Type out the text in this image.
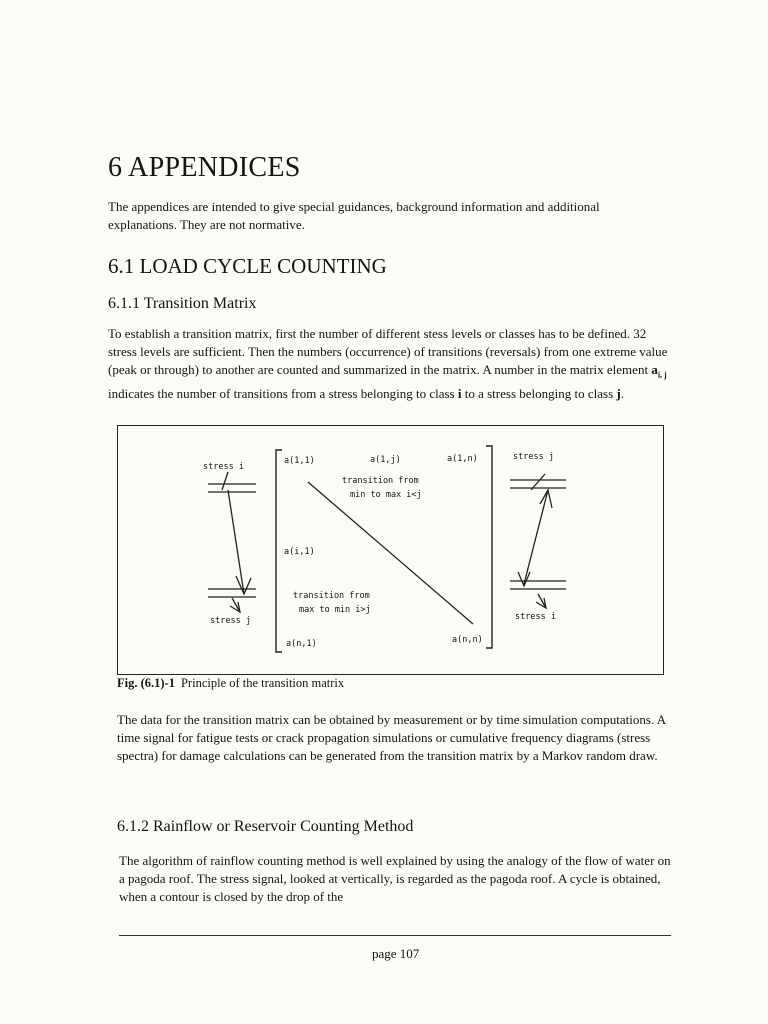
6 APPENDICES
The appendices are intended to give special guidances, background information and additional explanations. They are not normative.
6.1 LOAD CYCLE COUNTING
6.1.1 Transition Matrix
To establish a transition matrix, first the number of different stess levels or classes has to be defined. 32 stress levels are sufficient. Then the numbers (occurrence) of transitions (reversals) from one extreme value (peak or through) to another are counted and summarized in the matrix. A number in the matrix element $a_{i, j}$ indicates the number of transitions from a stress belonging to class i to a stress belonging to class j.
stress i
stress j
stress j
stress i
a(1,1)	a(1,j)	a(1,n)
a(i,1)
a(n,1)	a(n,n)
transition from
min to max i<j
transition from
max to min i>j
Fig. (6.1)-1 Principle of the transition matrix
The data for the transition matrix can be obtained by measurement or by time simulation computations. A time signal for fatigue tests or crack propagation simulations or cumulative frequency diagrams (stress spectra) for damage calculations can be generated from the transition matrix by a Markov random draw.
6.1.2 Rainflow or Reservoir Counting Method
The algorithm of rainflow counting method is well explained by using the analogy of the flow of water on a pagoda roof. The stress signal, looked at vertically, is regarded as the pagoda roof. A cycle is obtained, when a contour is closed by the drop of the
page 107
